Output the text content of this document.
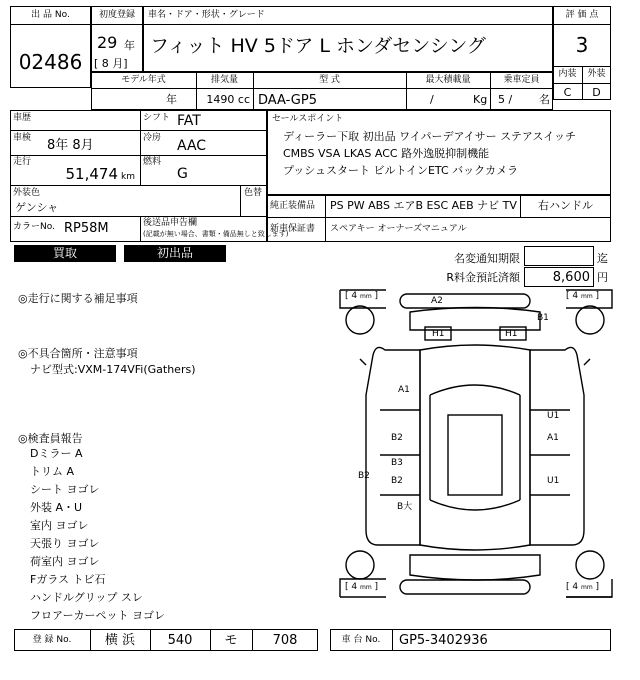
出 品 No.
02486
初度登録
29 年
[ 8 月]
車名・ドア・形状・グレード
フィット HV 5ドア L ホンダセンシング
評 価 点
3
内装	外装
C	D
モデル年式
年
排気量
1490 cc
型 式
DAA-GP5
最大積載量
/	Kg
乗車定員
5 / 名
車歴	シフト FAT
車検 8年 8月	冷房 AAC
走行
51,474 km
燃料
G
外装色
ゲンシャ
色替
カラーNo. RP58M	後送品申告欄
(記載が無い場合、書類・備品無しと致します)
セールスポイント
ディーラー下取 初出品 ワイパーデアイサー ステアスイッチ
CMBS VSA LKAS ACC 路外逸脱抑制機能
プッシュスタート ビルトインETC バックカメラ
純正装備品 PS PW ABS エアB ESC AEB ナビ TV	右ハンドル
新車保証書 スペアキー オーナーズマニュアル
買取	初出品	名変通知期限	迄
R料金預託済額	8,600 円
◎走行に関する補足事項
◎不具合箇所・注意事項
ナビ型式:VXM-174VFi(Gathers)
◎検査員報告
Dミラー A
トリム A
シート ヨゴレ
外装 A・U
室内 ヨゴレ
天張り ヨゴレ
荷室内 ヨゴレ
Fガラス トビ石
ハンドルグリップ スレ
フロアーカーペット ヨゴレ
[ 4 mm ]	[ 4 mm ]
[ 4 mm ]	[ 4 mm ]
A2
B1
H1	H1
A1
U1
A1
B2
B3
B2 B2	U1
B大
登 録 No.	横 浜	540	モ	708	車 台 No.	GP5-3402936
